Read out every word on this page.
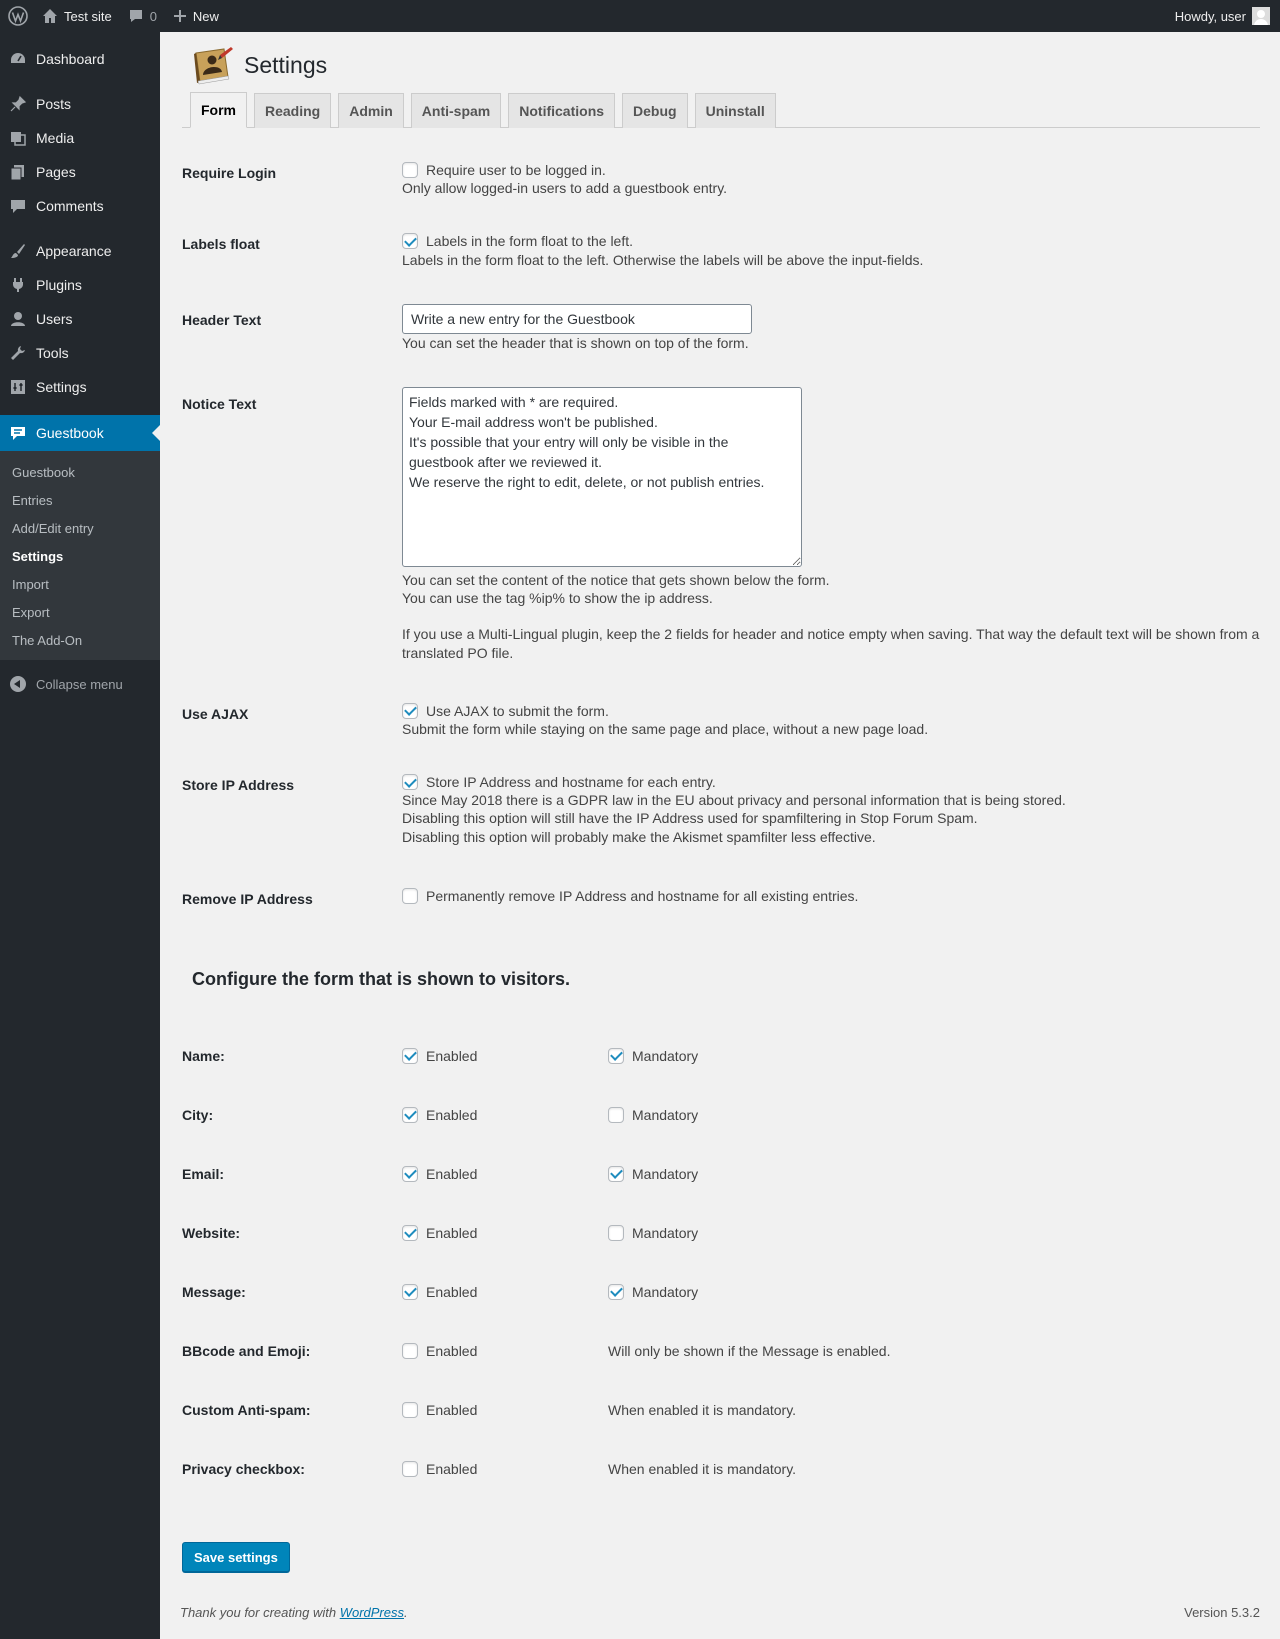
Test site	0	New	Howdy, user
Dashboard
Posts
Media
Pages
Comments
Appearance
Plugins
Users
Tools
Settings
Guestbook
Guestbook
Entries
Add/Edit entry
Settings
Import
Export
The Add-On
Collapse menu
Settings
Form	Reading	Admin	Anti-spam	Notifications	Debug	Uninstall
Require Login	Require user to be logged in.

Only allow logged-in users to add a guestbook entry.

Labels float	Labels in the form float to the left.

Labels in the form float to the left. Otherwise the labels will be above the input-fields.

Header Text
Write a new entry for the Guestbook

You can set the header that is shown on top of the form.

Notice Text	Fields marked with * are required.
Your E-mail address won't be published.
It's possible that your entry will only be visible in the guestbook after we reviewed it.
We reserve the right to edit, delete, or not publish entries.

You can set the content of the notice that gets shown below the form.

You can use the tag %ip% to show the ip address.

If you use a Multi-Lingual plugin, keep the 2 fields for header and notice empty when saving. That way the default text will be shown from a translated PO file.

Use AJAX	Use AJAX to submit the form.

Submit the form while staying on the same page and place, without a new page load.

Store IP Address	Store IP Address and hostname for each entry.

Since May 2018 there is a GDPR law in the EU about privacy and personal information that is being stored.

Disabling this option will still have the IP Address used for spamfiltering in Stop Forum Spam.

Disabling this option will probably make the Akismet spamfilter less effective.

Remove IP Address	Permanently remove IP Address and hostname for all existing entries.
Configure the form that is shown to visitors.
Name:	Enabled	Mandatory
City:	Enabled	Mandatory
Email:	Enabled	Mandatory
Website:	Enabled	Mandatory
Message:	Enabled	Mandatory
BBcode and Emoji:	Enabled	Will only be shown if the Message is enabled.
Custom Anti-spam:	Enabled	When enabled it is mandatory.
Privacy checkbox:	Enabled	When enabled it is mandatory.
Save settings
Thank you for creating with WordPress.	Version 5.3.2
